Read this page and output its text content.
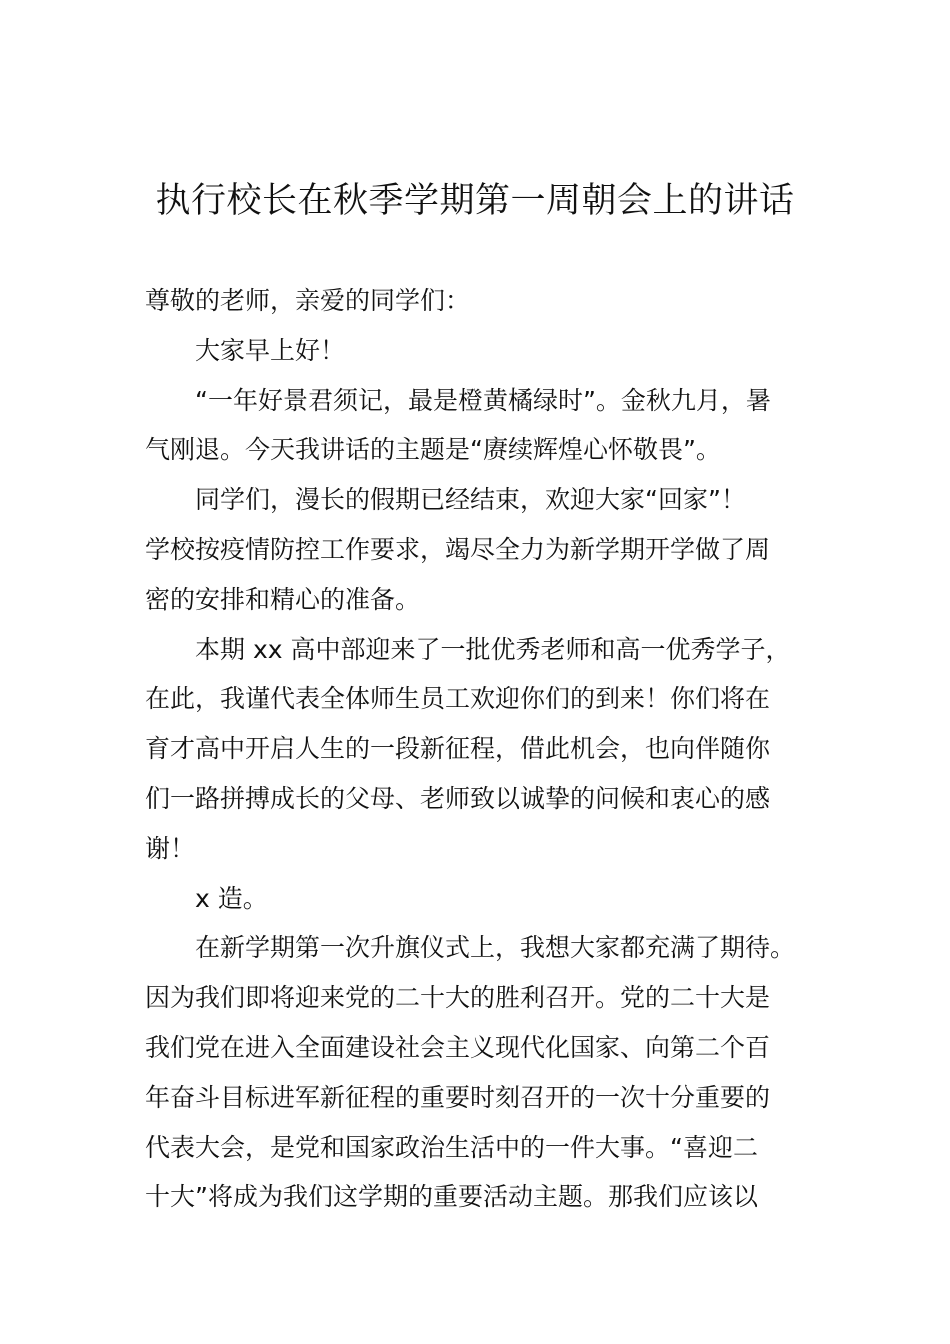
执行校长在秋季学期第一周朝会上的讲话
尊敬的老师，亲爱的同学们：
大家早上好！
“一年好景君须记，最是橙黄橘绿时”。金秋九月，暑
气刚退。今天我讲话的主题是“赓续辉煌心怀敬畏”。
同学们，漫长的假期已经结束，欢迎大家“回家”！
学校按疫情防控工作要求，竭尽全力为新学期开学做了周
密的安排和精心的准备。
本期 xx 高中部迎来了一批优秀老师和高一优秀学子，
在此，我谨代表全体师生员工欢迎你们的到来！你们将在
育才高中开启人生的一段新征程，借此机会，也向伴随你
们一路拼搏成长的父母、老师致以诚挚的问候和衷心的感
谢！
x 造。
在新学期第一次升旗仪式上，我想大家都充满了期待。
因为我们即将迎来党的二十大的胜利召开。党的二十大是
我们党在进入全面建设社会主义现代化国家、向第二个百
年奋斗目标进军新征程的重要时刻召开的一次十分重要的
代表大会，是党和国家政治生活中的一件大事。“喜迎二
十大”将成为我们这学期的重要活动主题。那我们应该以
